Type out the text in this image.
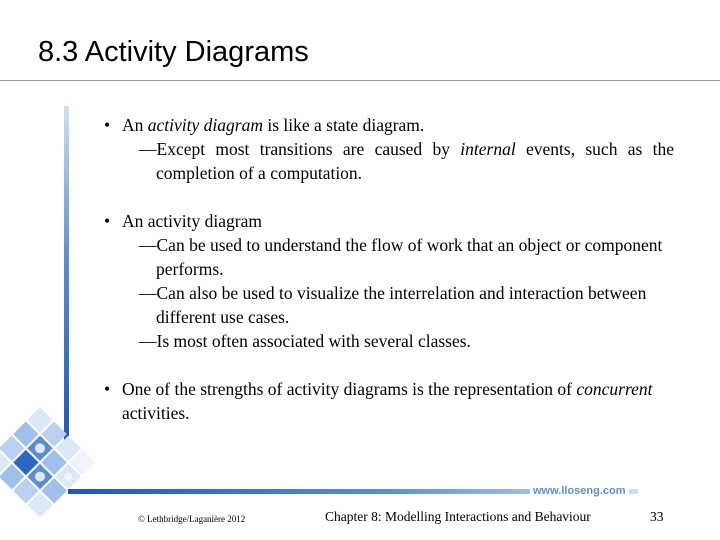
8.3 Activity Diagrams
www.lloseng.com
• An activity diagram is like a state diagram.
—Except most transitions are caused by internal events, such as the completion of a computation.
• An activity diagram
—Can be used to understand the flow of work that an object or component performs.
—Can also be used to visualize the interrelation and interaction between different use cases.
—Is most often associated with several classes.
• One of the strengths of activity diagrams is the representation of concurrent activities.
© Lethbridge/Laganière 2012	Chapter 8: Modelling Interactions and Behaviour	33
